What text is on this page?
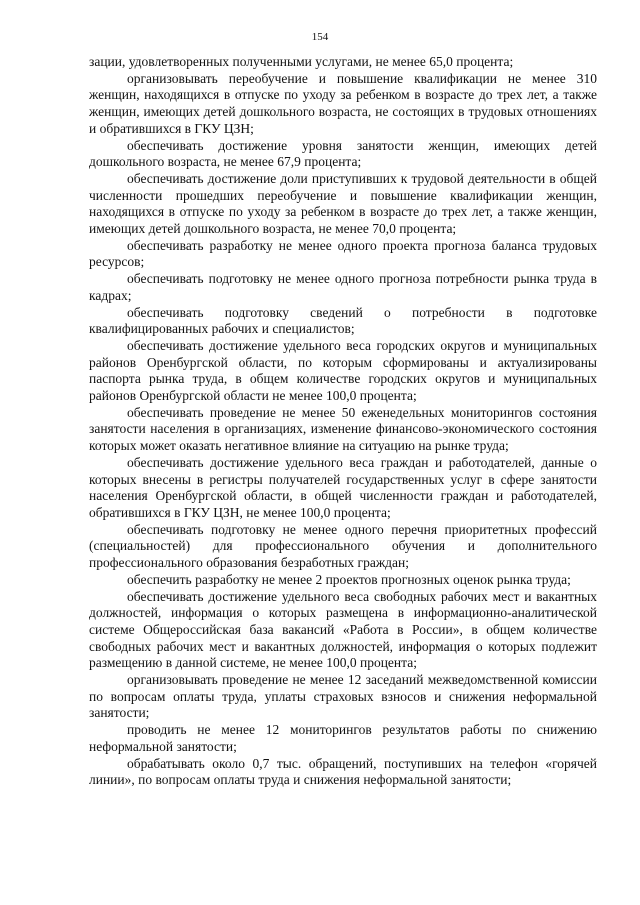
154

зации, удовлетворенных полученными услугами, не менее 65,0 процента;

организовывать переобучение и повышение квалификации не менее 310 женщин, находящихся в отпуске по уходу за ребенком в возрасте до трех лет, а также женщин, имеющих детей дошкольного возраста, не состоящих в трудовых отношениях и обратившихся в ГКУ ЦЗН;

обеспечивать достижение уровня занятости женщин, имеющих детей дошкольного возраста, не менее 67,9 процента;

обеспечивать достижение доли приступивших к трудовой деятельности в общей численности прошедших переобучение и повышение квалификации женщин, находящихся в отпуске по уходу за ребенком в возрасте до трех лет, а также женщин, имеющих детей дошкольного возраста, не менее 70,0 процента;

обеспечивать разработку не менее одного проекта прогноза баланса трудовых ресурсов;

обеспечивать подготовку не менее одного прогноза потребности рынка труда в кадрах;

обеспечивать подготовку сведений о потребности в подготовке квалифицированных рабочих и специалистов;

обеспечивать достижение удельного веса городских округов и муниципальных районов Оренбургской области, по которым сформированы и актуализированы паспорта рынка труда, в общем количестве городских округов и муниципальных районов Оренбургской области не менее 100,0 процента;

обеспечивать проведение не менее 50 еженедельных мониторингов состояния занятости населения в организациях, изменение финансово-экономического состояния которых может оказать негативное влияние на ситуацию на рынке труда;

обеспечивать достижение удельного веса граждан и работодателей, данные о которых внесены в регистры получателей государственных услуг в сфере занятости населения Оренбургской области, в общей численности граждан и работодателей, обратившихся в ГКУ ЦЗН, не менее 100,0 процента;

обеспечивать подготовку не менее одного перечня приоритетных профессий (специальностей) для профессионального обучения и дополнительного профессионального образования безработных граждан;

обеспечить разработку не менее 2 проектов прогнозных оценок рынка труда;

обеспечивать достижение удельного веса свободных рабочих мест и вакантных должностей, информация о которых размещена в информационно-аналитической системе Общероссийская база вакансий «Работа в России», в общем количестве свободных рабочих мест и вакантных должностей, информация о которых подлежит размещению в данной системе, не менее 100,0 процента;

организовывать проведение не менее 12 заседаний межведомственной комиссии по вопросам оплаты труда, уплаты страховых взносов и снижения неформальной занятости;

проводить не менее 12 мониторингов результатов работы по снижению неформальной занятости;

обрабатывать около 0,7 тыс. обращений, поступивших на телефон «горячей линии», по вопросам оплаты труда и снижения неформальной занятости;
